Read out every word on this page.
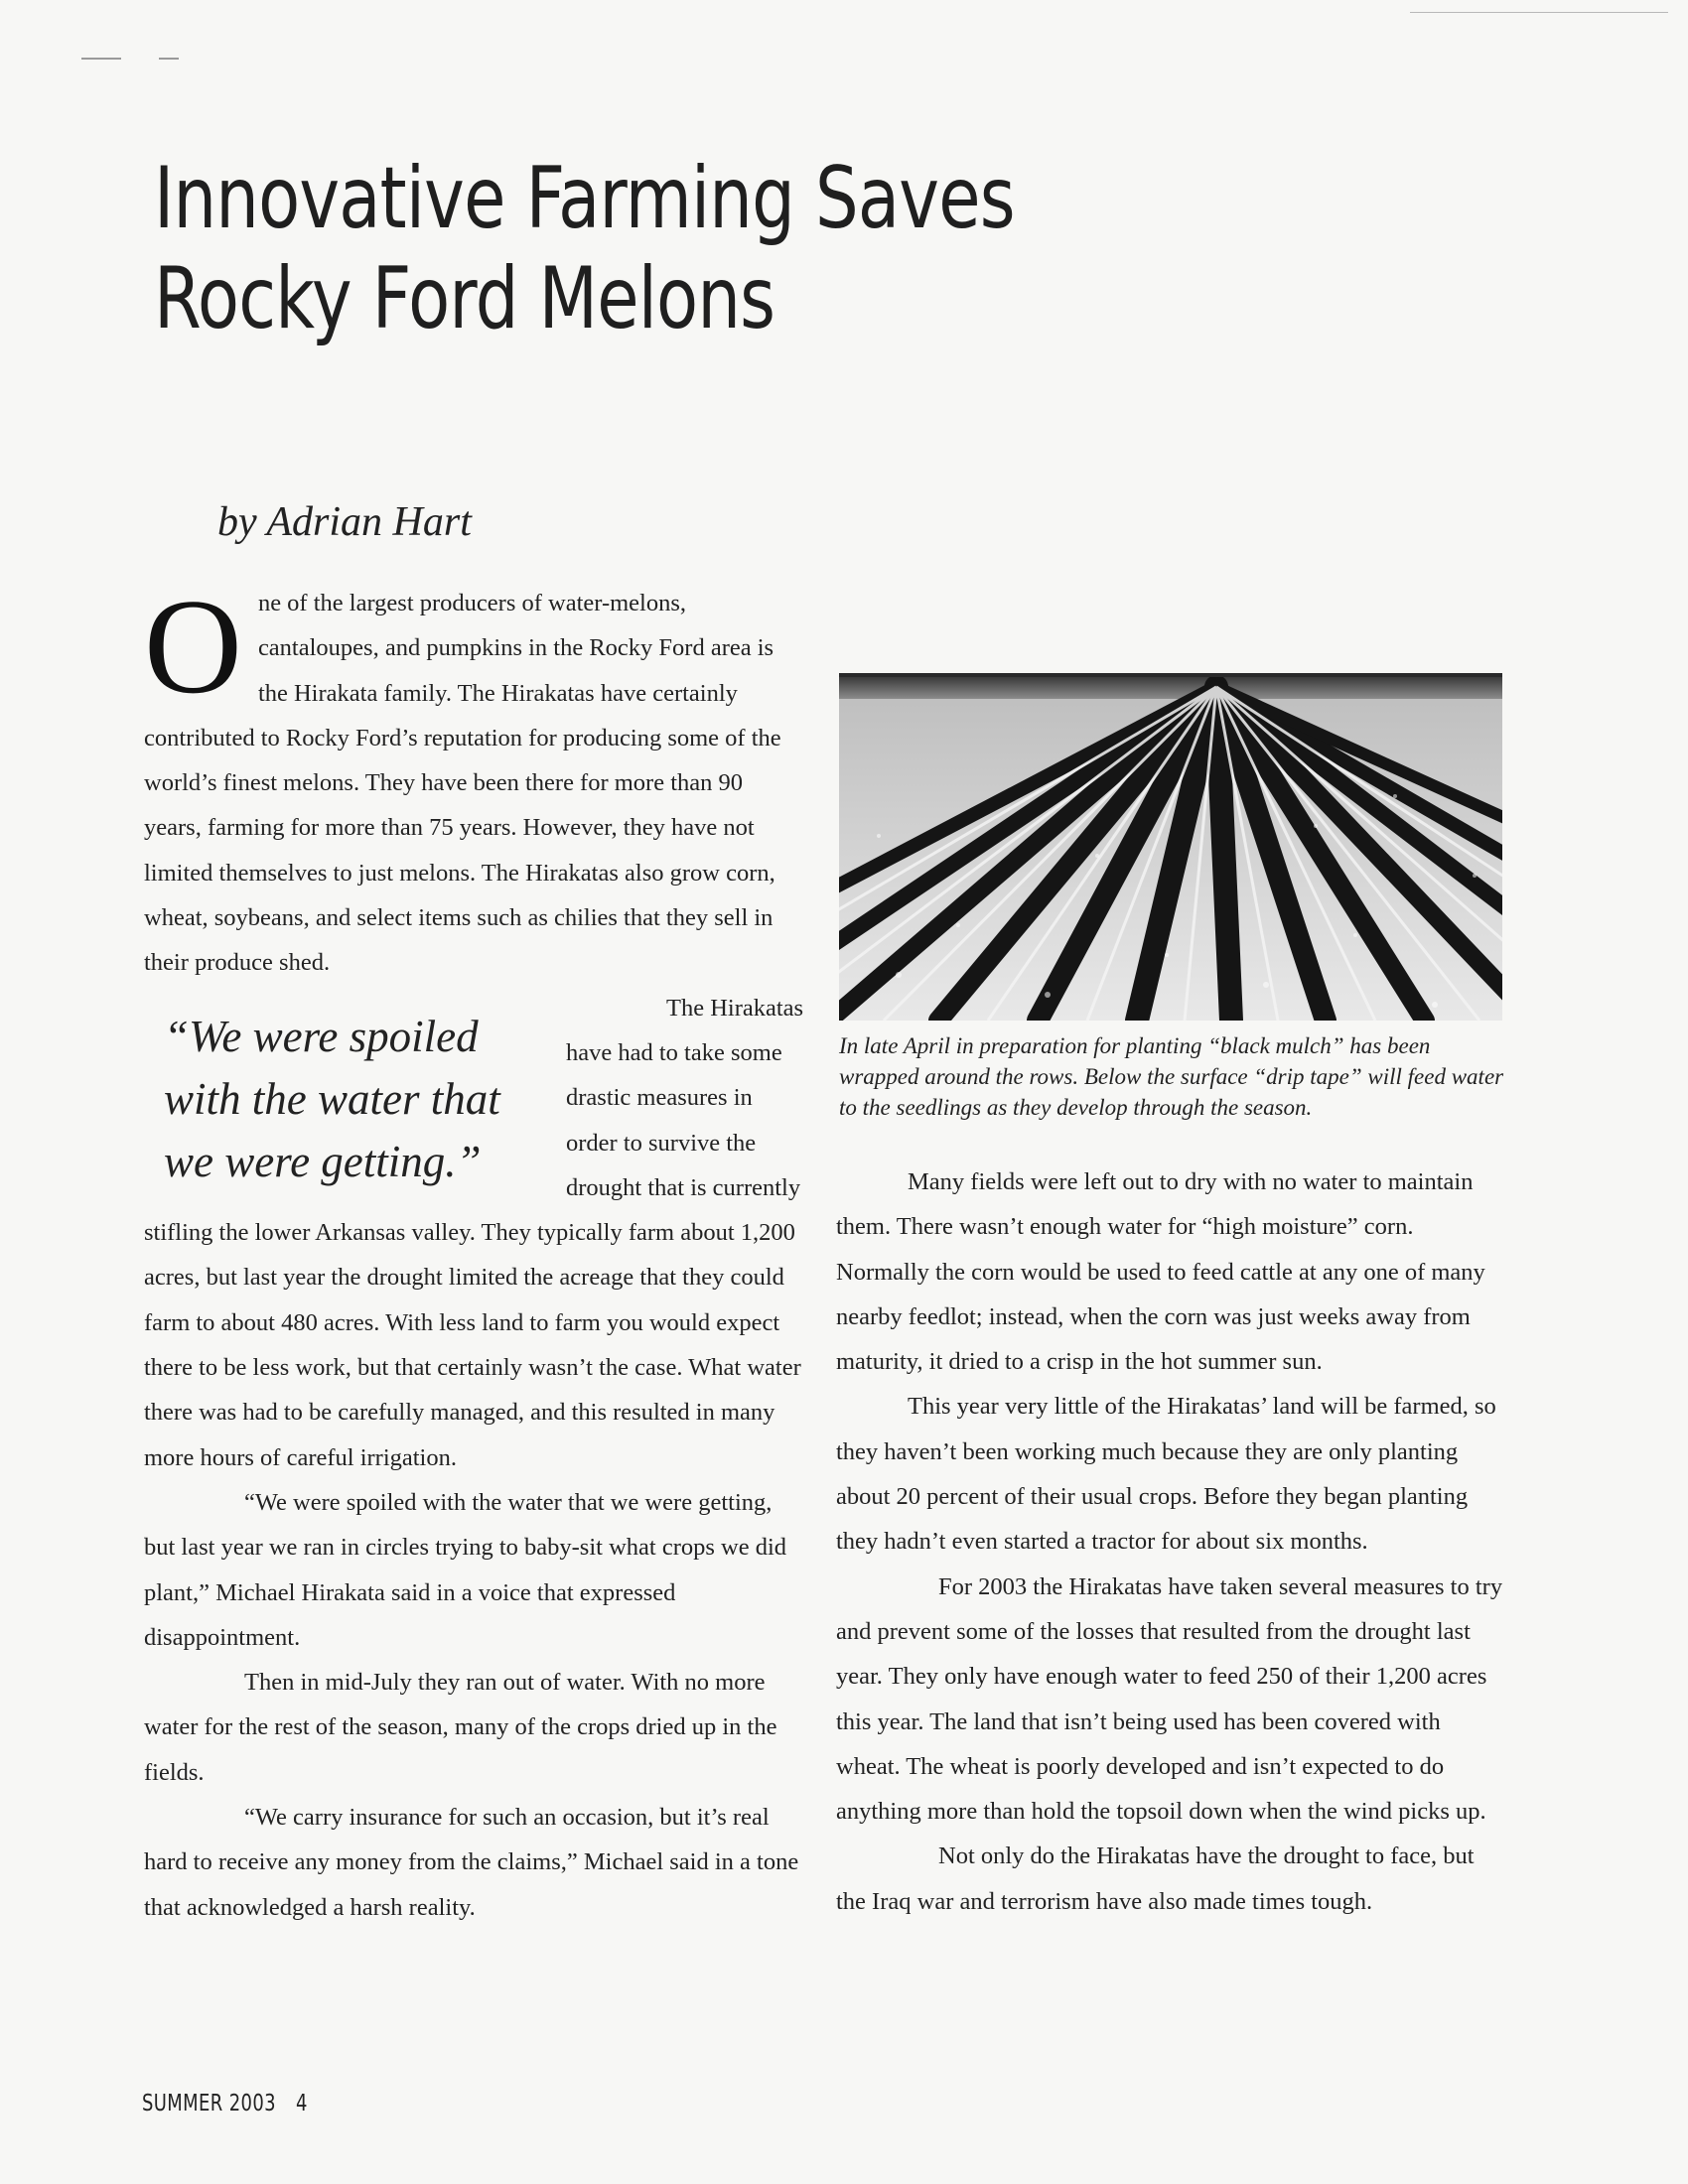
Innovative Farming Saves
Rocky Ford Melons
by Adrian Hart

One of the largest producers of water-melons, cantaloupes, and pumpkins in the Rocky Ford area is the Hirakata family. The Hirakatas have certainly contributed to Rocky Ford’s reputation for producing some of the world’s finest melons. They have been there for more than 90 years, farming for more than 75 years. However, they have not limited themselves to just melons. The Hirakatas also grow corn, wheat, soybeans, and select items such as chilies that they sell in their produce shed.

“We were spoiled
with the water that
we were getting.”

The Hirakatas have had to take some drastic measures in order to survive the drought that is currently stifling the lower Arkansas valley. They typically farm about 1,200 acres, but last year the drought limited the acreage that they could farm to about 480 acres. With less land to farm you would expect there to be less work, but that certainly wasn’t the case. What water there was had to be carefully managed, and this resulted in many more hours of careful irrigation.

“We were spoiled with the water that we were getting, but last year we ran in circles trying to baby-sit what crops we did plant,” Michael Hirakata said in a voice that expressed disappointment.

Then in mid-July they ran out of water. With no more water for the rest of the season, many of the crops dried up in the fields.

“We carry insurance for such an occasion, but it’s real hard to receive any money from the claims,” Michael said in a tone that acknowledged a harsh reality.

In late April in preparation for planting “black mulch” has been wrapped around the rows. Below the surface “drip tape” will feed water to the seedlings as they develop through the season.

Many fields were left out to dry with no water to maintain them. There wasn’t enough water for “high moisture” corn. Normally the corn would be used to feed cattle at any one of many nearby feedlot; instead, when the corn was just weeks away from maturity, it dried to a crisp in the hot summer sun.

This year very little of the Hirakatas’ land will be farmed, so they haven’t been working much because they are only planting about 20 percent of their usual crops. Before they began planting they hadn’t even started a tractor for about six months.

For 2003 the Hirakatas have taken several measures to try and prevent some of the losses that resulted from the drought last year. They only have enough water to feed 250 of their 1,200 acres this year. The land that isn’t being used has been covered with wheat. The wheat is poorly developed and isn’t expected to do anything more than hold the topsoil down when the wind picks up.

Not only do the Hirakatas have the drought to face, but the Iraq war and terrorism have also made times tough.

SUMMER 2003 4
